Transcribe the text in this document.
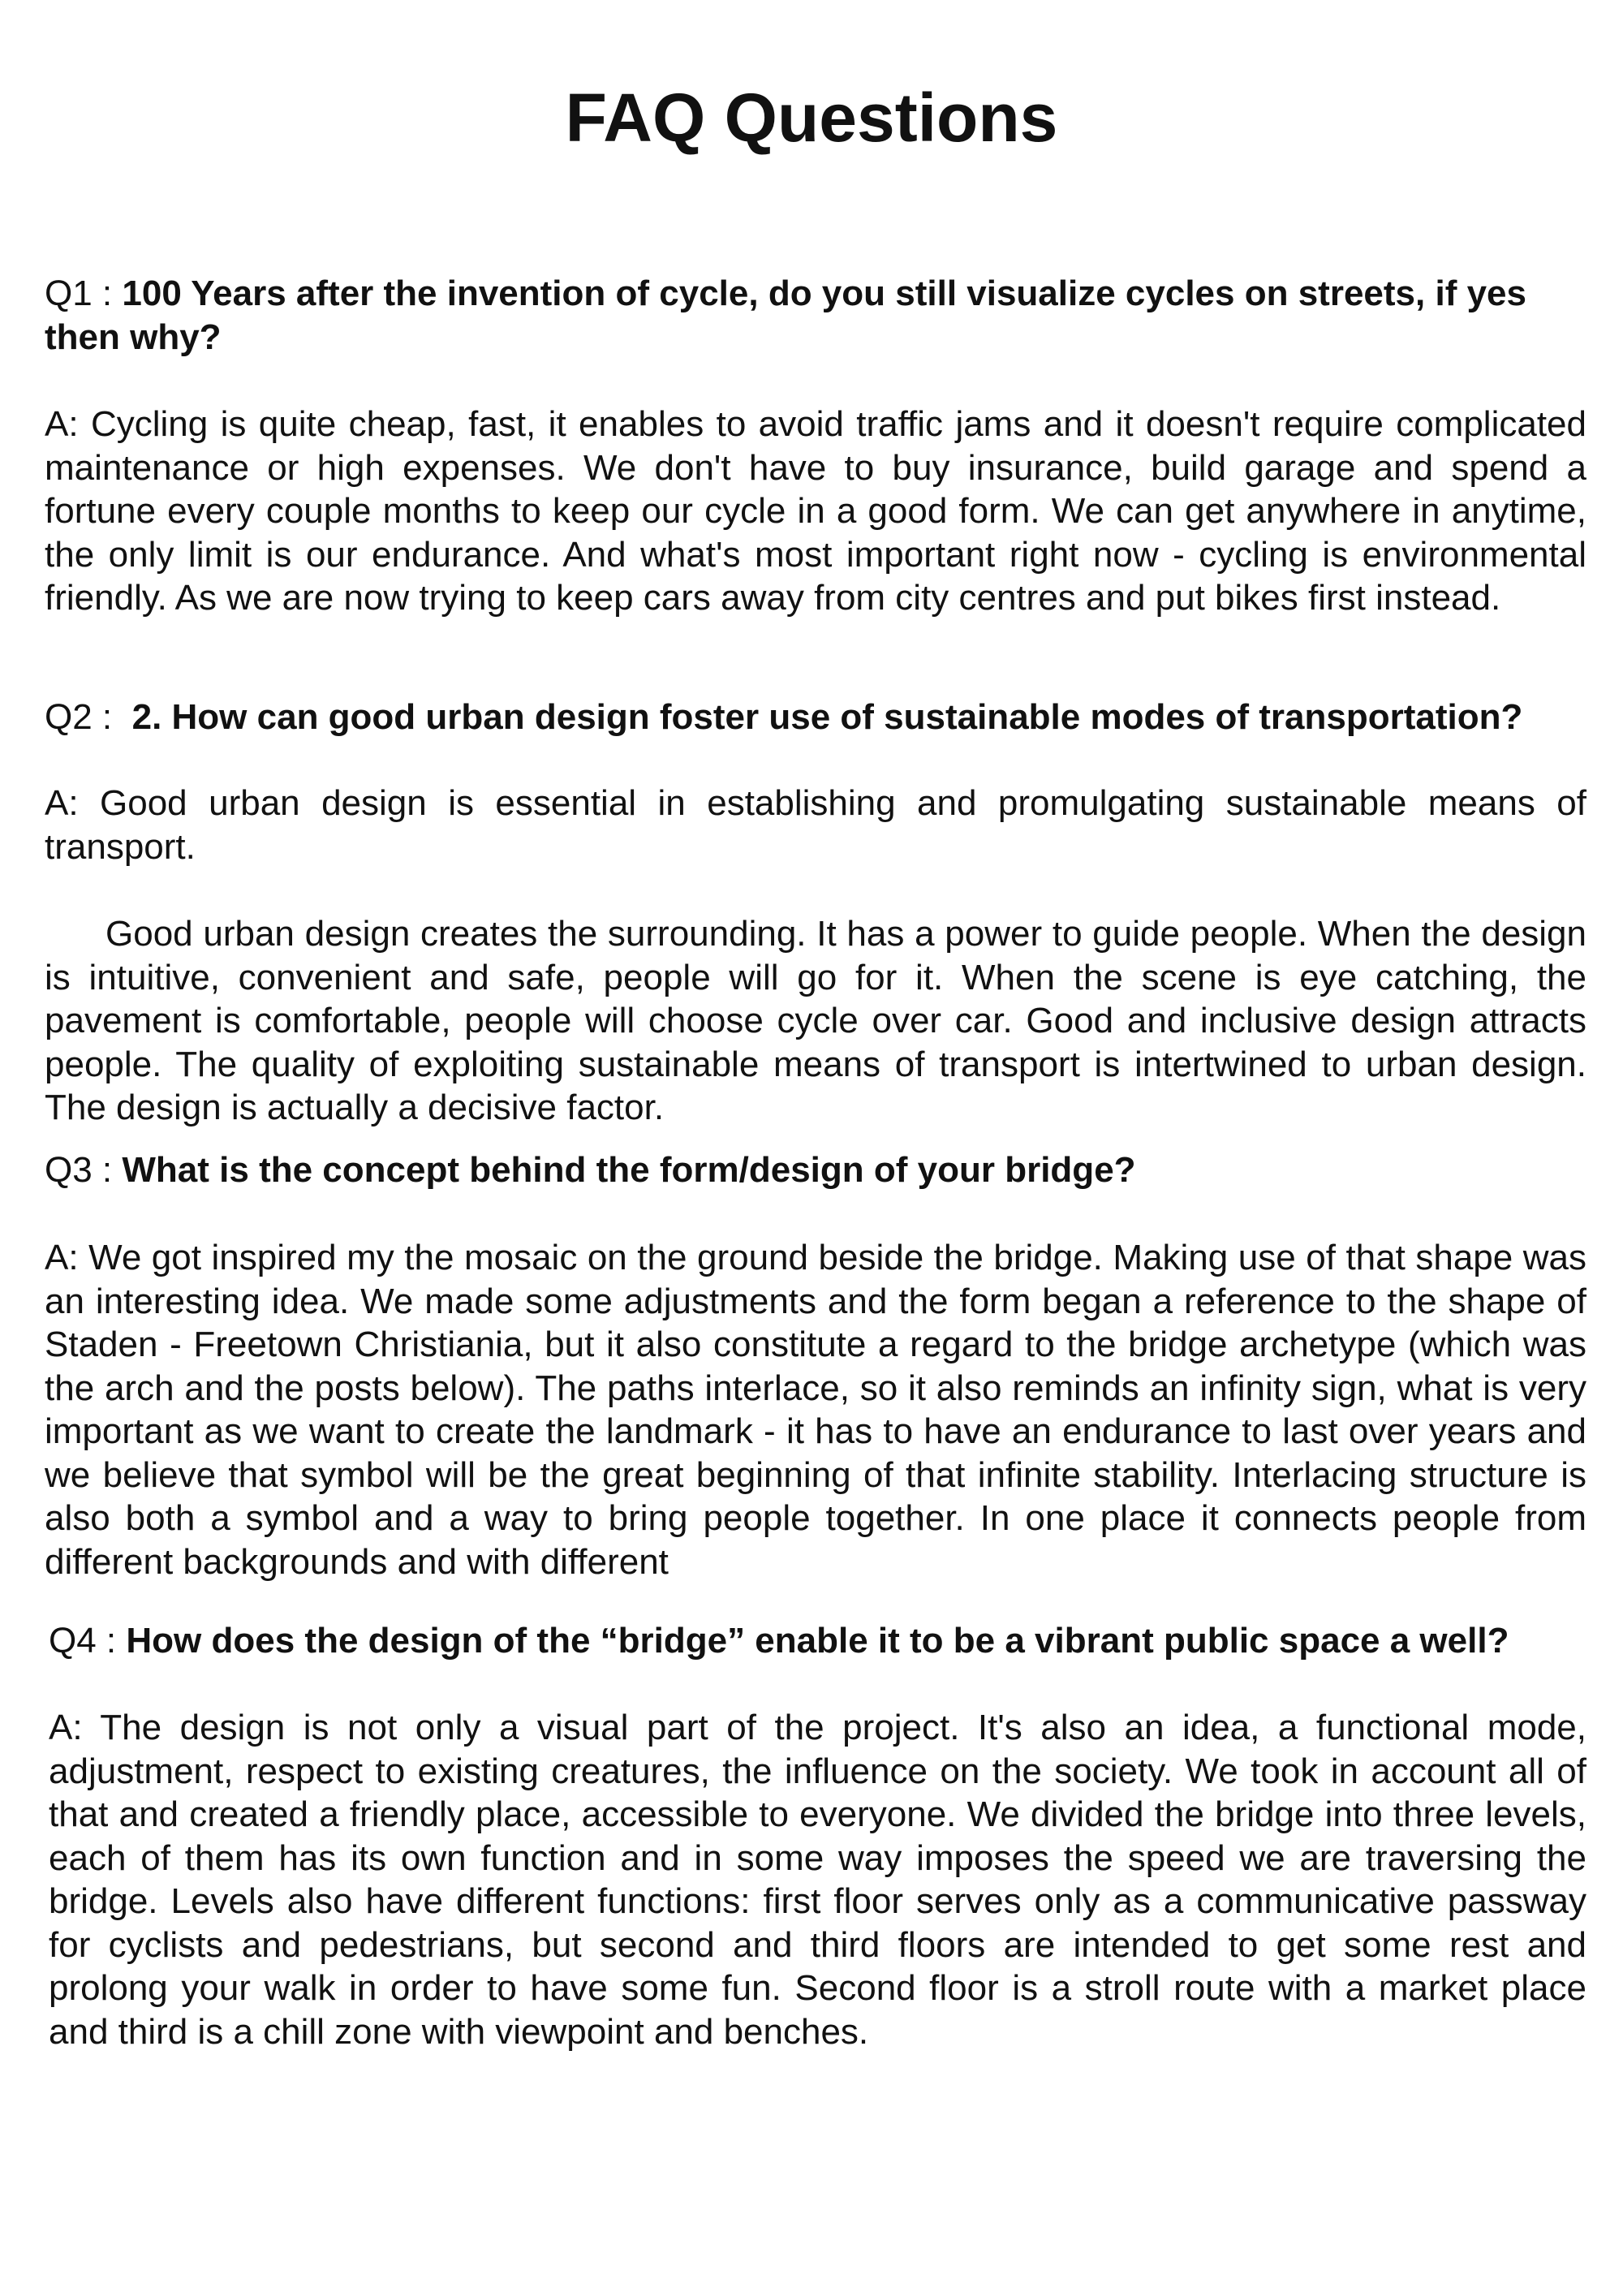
FAQ Questions

Q1 : 100 Years after the invention of cycle, do you still visualize cycles on streets, if yes then why?

A: Cycling is quite cheap, fast, it enables to avoid traffic jams and it doesn't require complicated maintenance or high expenses. We don't have to buy insurance, build garage and spend a fortune every couple months to keep our cycle in a good form. We can get anywhere in anytime, the only limit is our endurance. And what's most important right now - cycling is environmental friendly. As we are now trying to keep cars away from city centres and put bikes first instead.

Q2 : 2. How can good urban design foster use of sustainable modes of transportation?

A: Good urban design is essential in establishing and promulgating sustainable means of transport.

Good urban design creates the surrounding. It has a power to guide people. When the design is intuitive, convenient and safe, people will go for it. When the scene is eye catching, the pavement is comfortable, people will choose cycle over car. Good and inclusive design attracts people. The quality of exploiting sustainable means of transport is intertwined to urban design. The design is actually a decisive factor.

Q3 : What is the concept behind the form/design of your bridge?

A: We got inspired my the mosaic on the ground beside the bridge. Making use of that shape was an interesting idea. We made some adjustments and the form began a reference to the shape of Staden - Freetown Christiania, but it also constitute a regard to the bridge archetype (which was the arch and the posts below). The paths interlace, so it also reminds an infinity sign, what is very important as we want to create the landmark - it has to have an endurance to last over years and we believe that symbol will be the great beginning of that infinite stability. Interlacing structure is also both a symbol and a way to bring people together. In one place it connects people from different backgrounds and with different

Q4 : How does the design of the “bridge” enable it to be a vibrant public space a well?

A: The design is not only a visual part of the project. It's also an idea, a functional mode, adjustment, respect to existing creatures, the influence on the society. We took in account all of that and created a friendly place, accessible to everyone. We divided the bridge into three levels, each of them has its own function and in some way imposes the speed we are traversing the bridge. Levels also have different functions: first floor serves only as a communicative passway for cyclists and pedestrians, but second and third floors are intended to get some rest and prolong your walk in order to have some fun. Second floor is a stroll route with a market place and third is a chill zone with viewpoint and benches.
